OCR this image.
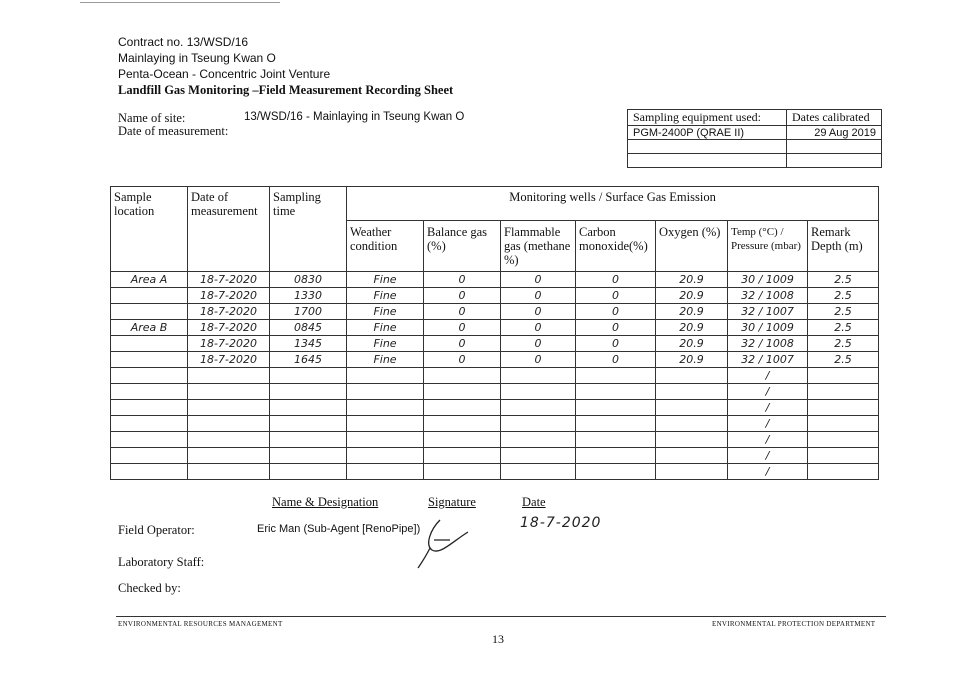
Contract no. 13/WSD/16
Mainlaying in Tseung Kwan O
Penta-Ocean - Concentric Joint Venture
Landfill Gas Monitoring –Field Measurement Recording Sheet
Name of site:	13/WSD/16 - Mainlaying in Tseung Kwan O
Date of measurement:
Sampling equipment used:	Dates calibrated
PGM-2400P (QRAE II)	29 Aug 2019

Sample location	Date of measurement	Sampling time	Monitoring wells / Surface Gas Emission						
			Weather condition	Balance gas (%)	Flammable gas (methane %)	Carbon monoxide(%)	Oxygen (%)	Temp (°C) / Pressure (mbar)	Remark Depth (m)
Area A	18-7-2020	0830	Fine	0	0	0	20.9	30 / 1009	2.5
	18-7-2020	1330	Fine	0	0	0	20.9	32 / 1008	2.5
	18-7-2020	1700	Fine	0	0	0	20.9	32 / 1007	2.5
Area B	18-7-2020	0845	Fine	0	0	0	20.9	30 / 1009	2.5
	18-7-2020	1345	Fine	0	0	0	20.9	32 / 1008	2.5
	18-7-2020	1645	Fine	0	0	0	20.9	32 / 1007	2.5
								/	
								/	
								/	
								/	
								/	
								/	
								/	
Name & Designation	Signature	Date
Field Operator:	Eric Man (Sub-Agent [RenoPipe])	18-7-2020
Laboratory Staff:
Checked by:
ENVIRONMENTAL RESOURCES MANAGEMENT	ENVIRONMENTAL PROTECTION DEPARTMENT
13
